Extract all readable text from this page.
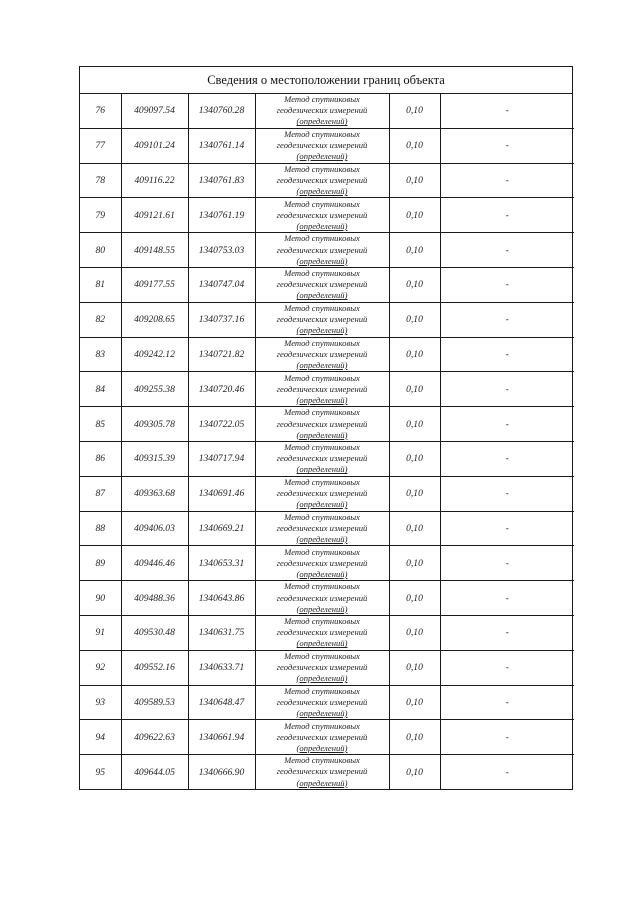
Сведения о местоположении границ объекта
76	409097.54	1340760.28	Метод спутниковых
геодезических измерений
(определений)	0,10	-
77	409101.24	1340761.14	Метод спутниковых
геодезических измерений
(определений)	0,10	-
78	409116.22	1340761.83	Метод спутниковых
геодезических измерений
(определений)	0,10	-
79	409121.61	1340761.19	Метод спутниковых
геодезических измерений
(определений)	0,10	-
80	409148.55	1340753.03	Метод спутниковых
геодезических измерений
(определений)	0,10	-
81	409177.55	1340747.04	Метод спутниковых
геодезических измерений
(определений)	0,10	-
82	409208.65	1340737.16	Метод спутниковых
геодезических измерений
(определений)	0,10	-
83	409242.12	1340721.82	Метод спутниковых
геодезических измерений
(определений)	0,10	-
84	409255.38	1340720.46	Метод спутниковых
геодезических измерений
(определений)	0,10	-
85	409305.78	1340722.05	Метод спутниковых
геодезических измерений
(определений)	0,10	-
86	409315.39	1340717.94	Метод спутниковых
геодезических измерений
(определений)	0,10	-
87	409363.68	1340691.46	Метод спутниковых
геодезических измерений
(определений)	0,10	-
88	409406.03	1340669.21	Метод спутниковых
геодезических измерений
(определений)	0,10	-
89	409446.46	1340653.31	Метод спутниковых
геодезических измерений
(определений)	0,10	-
90	409488.36	1340643.86	Метод спутниковых
геодезических измерений
(определений)	0,10	-
91	409530.48	1340631.75	Метод спутниковых
геодезических измерений
(определений)	0,10	-
92	409552.16	1340633.71	Метод спутниковых
геодезических измерений
(определений)	0,10	-
93	409589.53	1340648.47	Метод спутниковых
геодезических измерений
(определений)	0,10	-
94	409622.63	1340661.94	Метод спутниковых
геодезических измерений
(определений)	0,10	-
95	409644.05	1340666.90	Метод спутниковых
геодезических измерений
(определений)	0,10	-
